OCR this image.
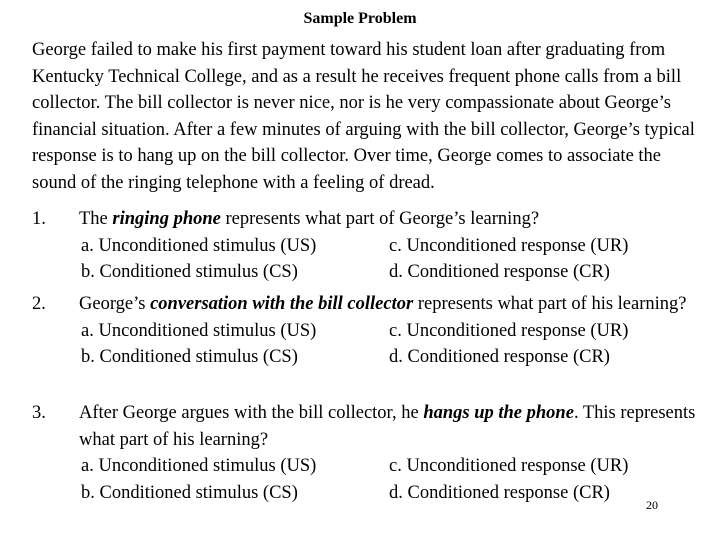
Sample Problem
George failed to make his first payment toward his student loan after graduating from Kentucky Technical College, and as a result he receives frequent phone calls from a bill collector. The bill collector is never nice, nor is he very compassionate about George’s financial situation. After a few minutes of arguing with the bill collector, George’s typical response is to hang up on the bill collector. Over time, George comes to associate the sound of the ringing telephone with a feeling of dread.
1. The ringing phone represents what part of George’s learning?
a. Unconditioned stimulus (US)	c. Unconditioned response (UR)
b. Conditioned stimulus (CS)	d. Conditioned response (CR)
2. George’s conversation with the bill collector represents what part of his learning?
a. Unconditioned stimulus (US)	c. Unconditioned response (UR)
b. Conditioned stimulus (CS)	d. Conditioned response (CR)
3. After George argues with the bill collector, he hangs up the phone. This represents what part of his learning?
a. Unconditioned stimulus (US)	c. Unconditioned response (UR)
b. Conditioned stimulus (CS)	d. Conditioned response (CR)
20
